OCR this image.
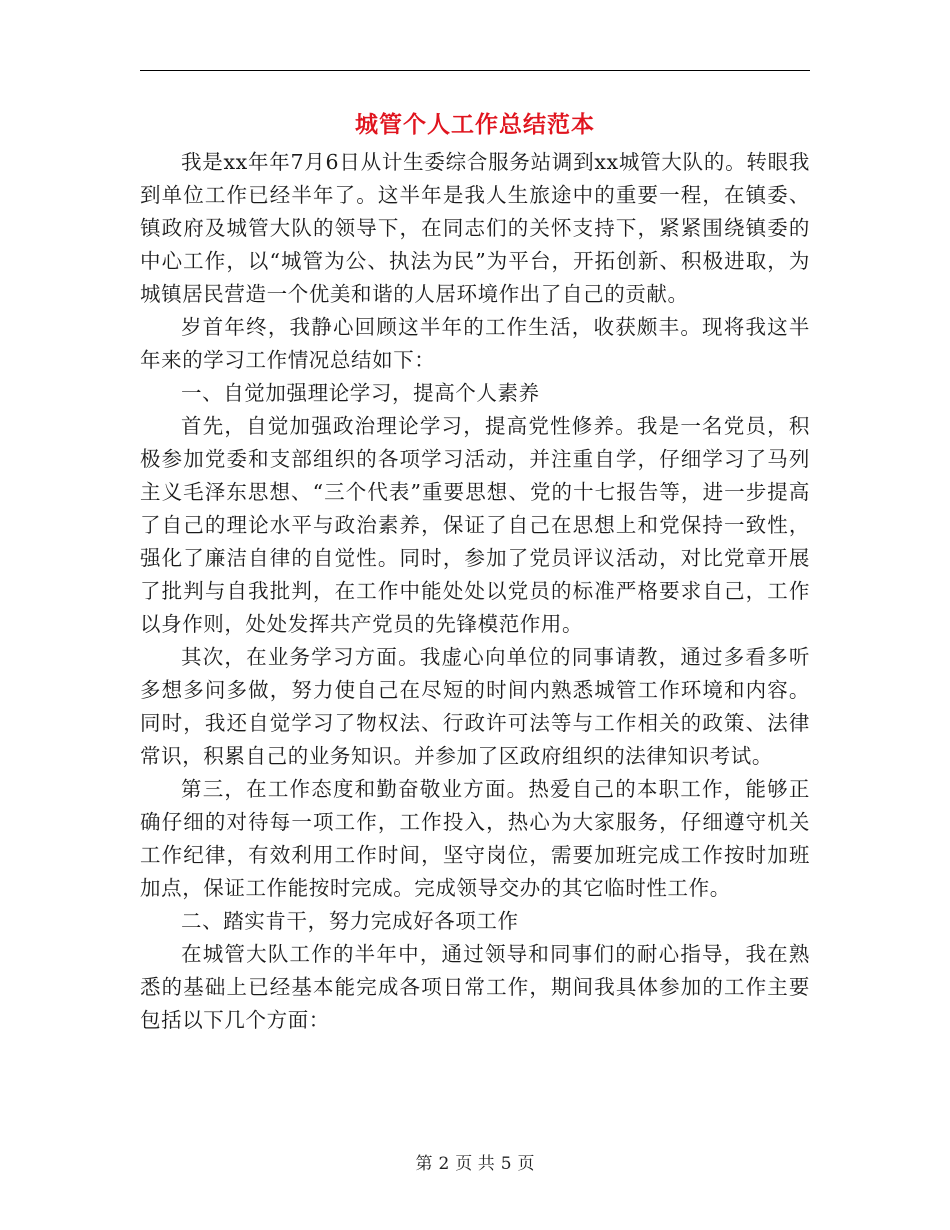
城管个人工作总结范本

我是xx年年7月6日从计生委综合服务站调到xx城管大队的。转眼我到单位工作已经半年了。这半年是我人生旅途中的重要一程，在镇委、镇政府及城管大队的领导下，在同志们的关怀支持下，紧紧围绕镇委的中心工作，以“城管为公、执法为民”为平台，开拓创新、积极进取，为城镇居民营造一个优美和谐的人居环境作出了自己的贡献。

岁首年终，我静心回顾这半年的工作生活，收获颇丰。现将我这半年来的学习工作情况总结如下：

一、自觉加强理论学习，提高个人素养

首先，自觉加强政治理论学习，提高党性修养。我是一名党员，积极参加党委和支部组织的各项学习活动，并注重自学，仔细学习了马列主义毛泽东思想、“三个代表”重要思想、党的十七报告等，进一步提高了自己的理论水平与政治素养，保证了自己在思想上和党保持一致性，强化了廉洁自律的自觉性。同时，参加了党员评议活动，对比党章开展了批判与自我批判，在工作中能处处以党员的标准严格要求自己，工作以身作则，处处发挥共产党员的先锋模范作用。

其次，在业务学习方面。我虚心向单位的同事请教，通过多看多听多想多问多做，努力使自己在尽短的时间内熟悉城管工作环境和内容。同时，我还自觉学习了物权法、行政许可法等与工作相关的政策、法律常识，积累自己的业务知识。并参加了区政府组织的法律知识考试。

第三，在工作态度和勤奋敬业方面。热爱自己的本职工作，能够正确仔细的对待每一项工作，工作投入，热心为大家服务，仔细遵守机关工作纪律，有效利用工作时间，坚守岗位，需要加班完成工作按时加班加点，保证工作能按时完成。完成领导交办的其它临时性工作。

二、踏实肯干，努力完成好各项工作

在城管大队工作的半年中，通过领导和同事们的耐心指导，我在熟悉的基础上已经基本能完成各项日常工作，期间我具体参加的工作主要包括以下几个方面：

第 2 页 共 5 页
